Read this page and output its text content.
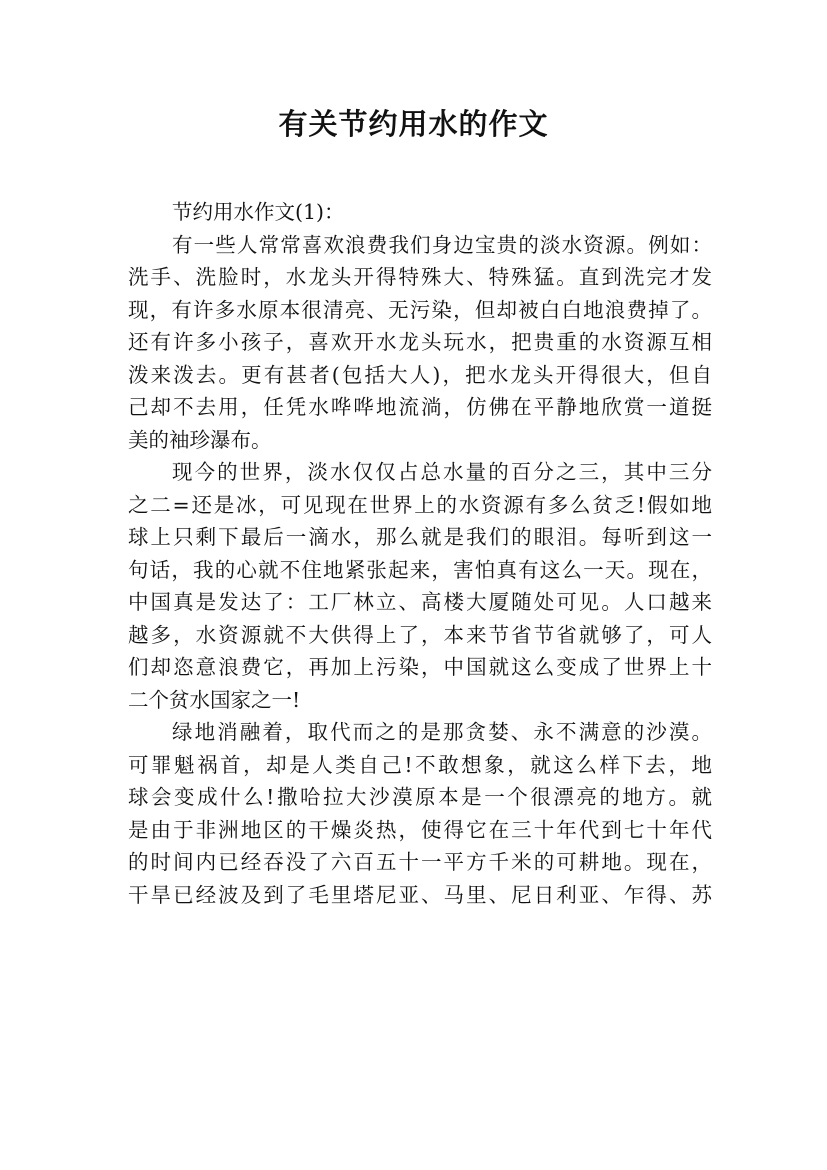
有关节约用水的作文
节约用水作文(1)：
有一些人常常喜欢浪费我们身边宝贵的淡水资源。例如：
洗手、洗脸时，水龙头开得特殊大、特殊猛。直到洗完才发
现，有许多水原本很清亮、无污染，但却被白白地浪费掉了。
还有许多小孩子，喜欢开水龙头玩水，把贵重的水资源互相
泼来泼去。更有甚者(包括大人)，把水龙头开得很大，但自
己却不去用，任凭水哗哗地流淌，仿佛在平静地欣赏一道挺
美的袖珍瀑布。
现今的世界，淡水仅仅占总水量的百分之三，其中三分
之二=还是冰，可见现在世界上的水资源有多么贫乏!假如地
球上只剩下最后一滴水，那么就是我们的眼泪。每听到这一
句话，我的心就不住地紧张起来，害怕真有这么一天。现在，
中国真是发达了：工厂林立、高楼大厦随处可见。人口越来
越多，水资源就不大供得上了，本来节省节省就够了，可人
们却恣意浪费它，再加上污染，中国就这么变成了世界上十
二个贫水国家之一!
绿地消融着，取代而之的是那贪婪、永不满意的沙漠。
可罪魁祸首，却是人类自己!不敢想象，就这么样下去，地
球会变成什么!撒哈拉大沙漠原本是一个很漂亮的地方。就
是由于非洲地区的干燥炎热，使得它在三十年代到七十年代
的时间内已经吞没了六百五十一平方千米的可耕地。现在，
干旱已经波及到了毛里塔尼亚、马里、尼日利亚、乍得、苏
